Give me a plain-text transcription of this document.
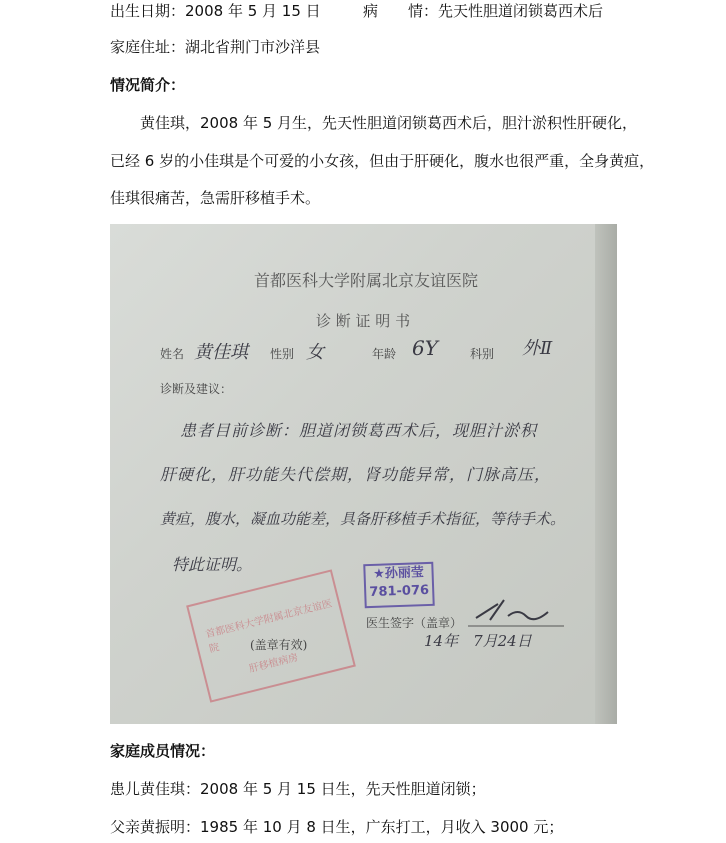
出生日期：2008 年 5 月 15 日	病　　情：先天性胆道闭锁葛西术后
家庭住址：湖北省荆门市沙洋县
情况简介：
黄佳琪，2008 年 5 月生，先天性胆道闭锁葛西术后，胆汁淤积性肝硬化，
已经 6 岁的小佳琪是个可爱的小女孩，但由于肝硬化，腹水也很严重，全身黄疸，
佳琪很痛苦，急需肝移植手术。
首都医科大学附属北京友谊医院
诊 断 证 明 书
姓名 黄佳琪 性别 女	年龄 6Y	科别 外Ⅱ
诊断及建议：
患者目前诊断：胆道闭锁葛西术后，现胆汁淤积
肝硬化，肝功能失代偿期，肾功能异常，门脉高压，
黄疸，腹水，凝血功能差，具备肝移植手术指征，等待手术。
特此证明。	★孙丽莹
781-076
首都医科大学附属北京友谊医院
肝移植病房
(盖章有效)
医生签字（盖章）
14年　7月24日
家庭成员情况：
患儿黄佳琪：2008 年 5 月 15 日生，先天性胆道闭锁；
父亲黄振明：1985 年 10 月 8 日生，广东打工，月收入 3000 元；
